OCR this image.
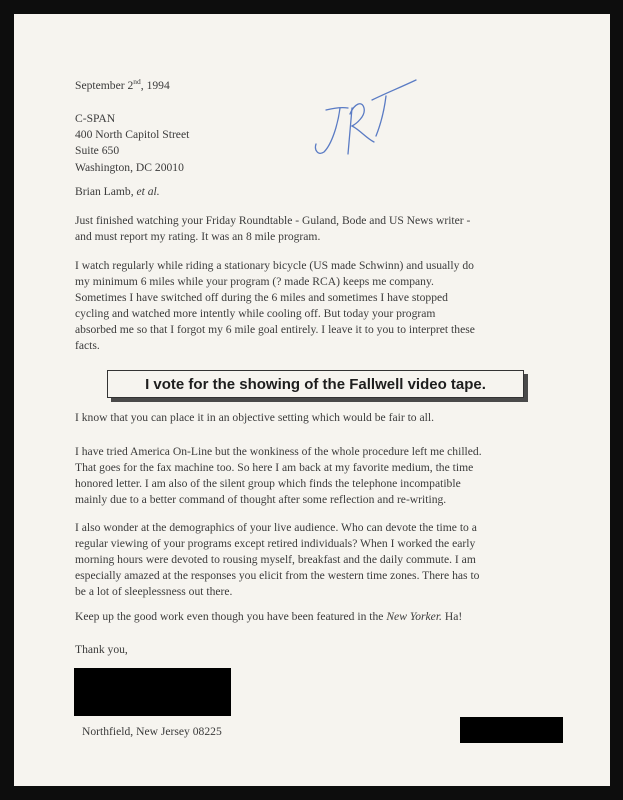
September 2nd, 1994

C-SPAN
400 North Capitol Street
Suite 650
Washington, DC 20010

Brian Lamb, et al.

Just finished watching your Friday Roundtable - Guland, Bode and US News writer -
and must report my rating. It was an 8 mile program.

I watch regularly while riding a stationary bicycle (US made Schwinn) and usually do
my minimum 6 miles while your program (? made RCA) keeps me company.
Sometimes I have switched off during the 6 miles and sometimes I have stopped
cycling and watched more intently while cooling off. But today your program
absorbed me so that I forgot my 6 mile goal entirely. I leave it to you to interpret these
facts.

I vote for the showing of the Fallwell video tape.

I know that you can place it in an objective setting which would be fair to all.

I have tried America On-Line but the wonkiness of the whole procedure left me chilled.
That goes for the fax machine too. So here I am back at my favorite medium, the time
honored letter. I am also of the silent group which finds the telephone incompatible
mainly due to a better command of thought after some reflection and re-writing.

I also wonder at the demographics of your live audience. Who can devote the time to a
regular viewing of your programs except retired individuals? When I worked the early
morning hours were devoted to rousing myself, breakfast and the daily commute. I am
especially amazed at the responses you elicit from the western time zones. There has to
be a lot of sleeplessness out there.

Keep up the good work even though you have been featured in the New Yorker. Ha!

Thank you,

Northfield, New Jersey 08225
